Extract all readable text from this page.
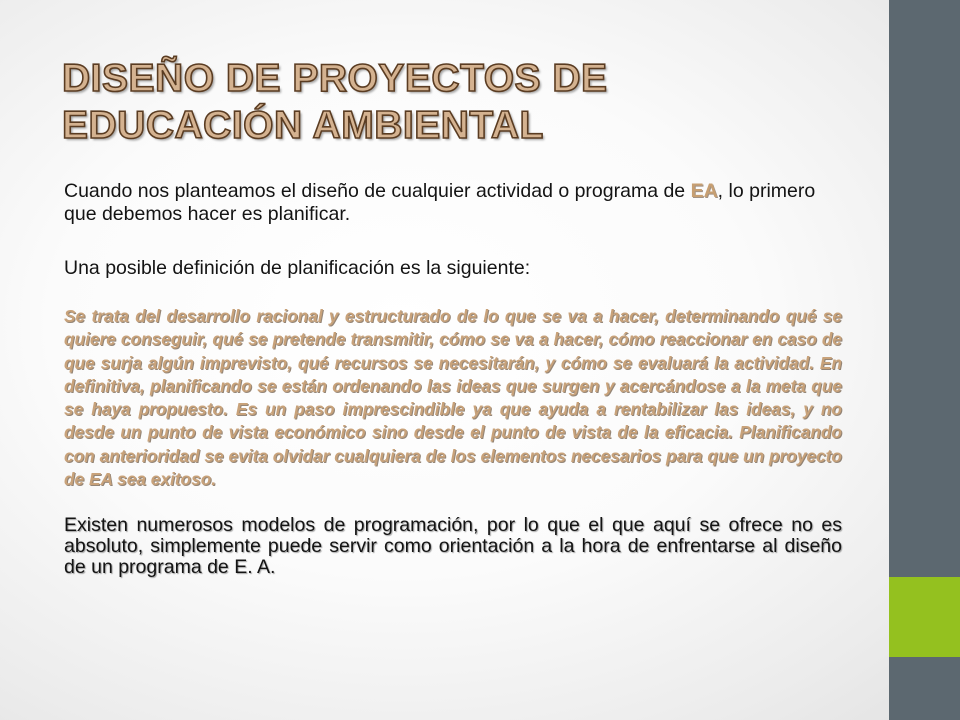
DISEÑO DE PROYECTOS DE
EDUCACIÓN AMBIENTAL

Cuando nos planteamos el diseño de cualquier actividad o programa de EA, lo primero que debemos hacer es planificar.

Una posible definición de planificación es la siguiente:

Se trata del desarrollo racional y estructurado de lo que se va a hacer, determinando qué se quiere conseguir, qué se pretende transmitir, cómo se va a hacer, cómo reaccionar en caso de que surja algún imprevisto, qué recursos se necesitarán, y cómo se evaluará la actividad. En definitiva, planificando se están ordenando las ideas que surgen y acercándose a la meta que se haya propuesto. Es un paso imprescindible ya que ayuda a rentabilizar las ideas, y no desde un punto de vista económico sino desde el punto de vista de la eficacia. Planificando con anterioridad se evita olvidar cualquiera de los elementos necesarios para que un proyecto de EA sea exitoso.

Existen numerosos modelos de programación, por lo que el que aquí se ofrece no es absoluto, simplemente puede servir como orientación a la hora de enfrentarse al diseño de un programa de E. A.
